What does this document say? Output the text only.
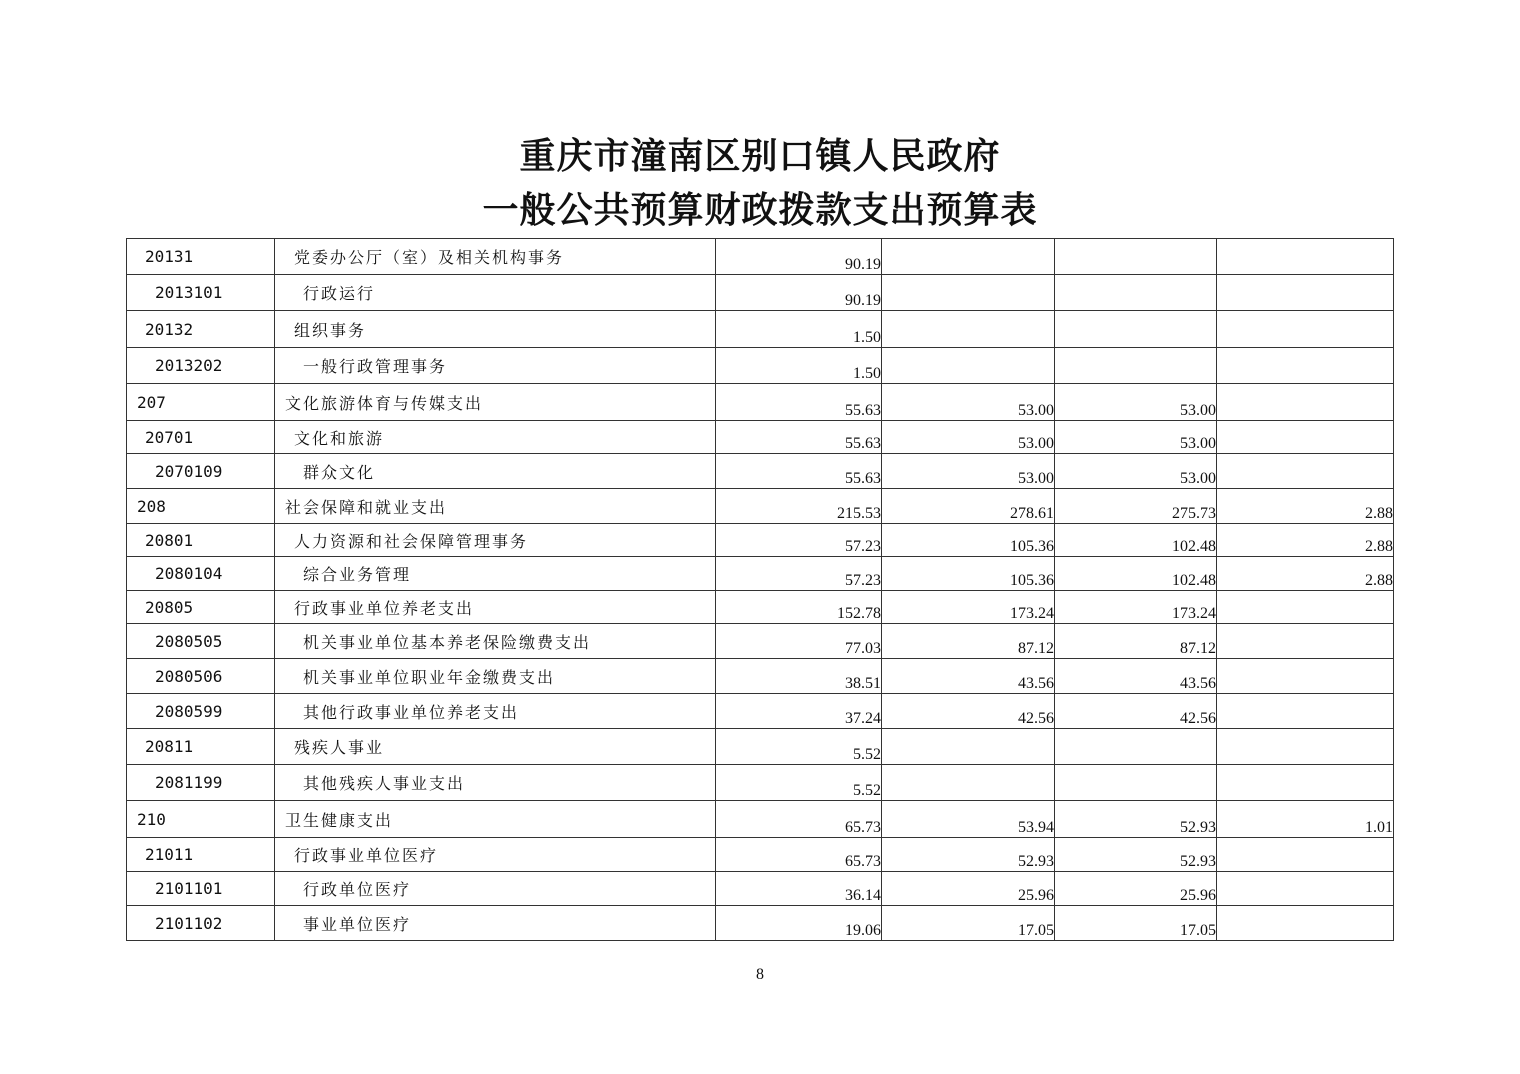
重庆市潼南区别口镇人民政府
一般公共预算财政拨款支出预算表
20131	党委办公厅（室）及相关机构事务	90.19			
2013101	行政运行	90.19			
20132	组织事务	1.50			
2013202	一般行政管理事务	1.50			
207	文化旅游体育与传媒支出	55.63	53.00	53.00	
20701	文化和旅游	55.63	53.00	53.00	
2070109	群众文化	55.63	53.00	53.00	
208	社会保障和就业支出	215.53	278.61	275.73	2.88
20801	人力资源和社会保障管理事务	57.23	105.36	102.48	2.88
2080104	综合业务管理	57.23	105.36	102.48	2.88
20805	行政事业单位养老支出	152.78	173.24	173.24	
2080505	机关事业单位基本养老保险缴费支出	77.03	87.12	87.12	
2080506	机关事业单位职业年金缴费支出	38.51	43.56	43.56	
2080599	其他行政事业单位养老支出	37.24	42.56	42.56	
20811	残疾人事业	5.52			
2081199	其他残疾人事业支出	5.52			
210	卫生健康支出	65.73	53.94	52.93	1.01
21011	行政事业单位医疗	65.73	52.93	52.93	
2101101	行政单位医疗	36.14	25.96	25.96	
2101102	事业单位医疗	19.06	17.05	17.05	
8
